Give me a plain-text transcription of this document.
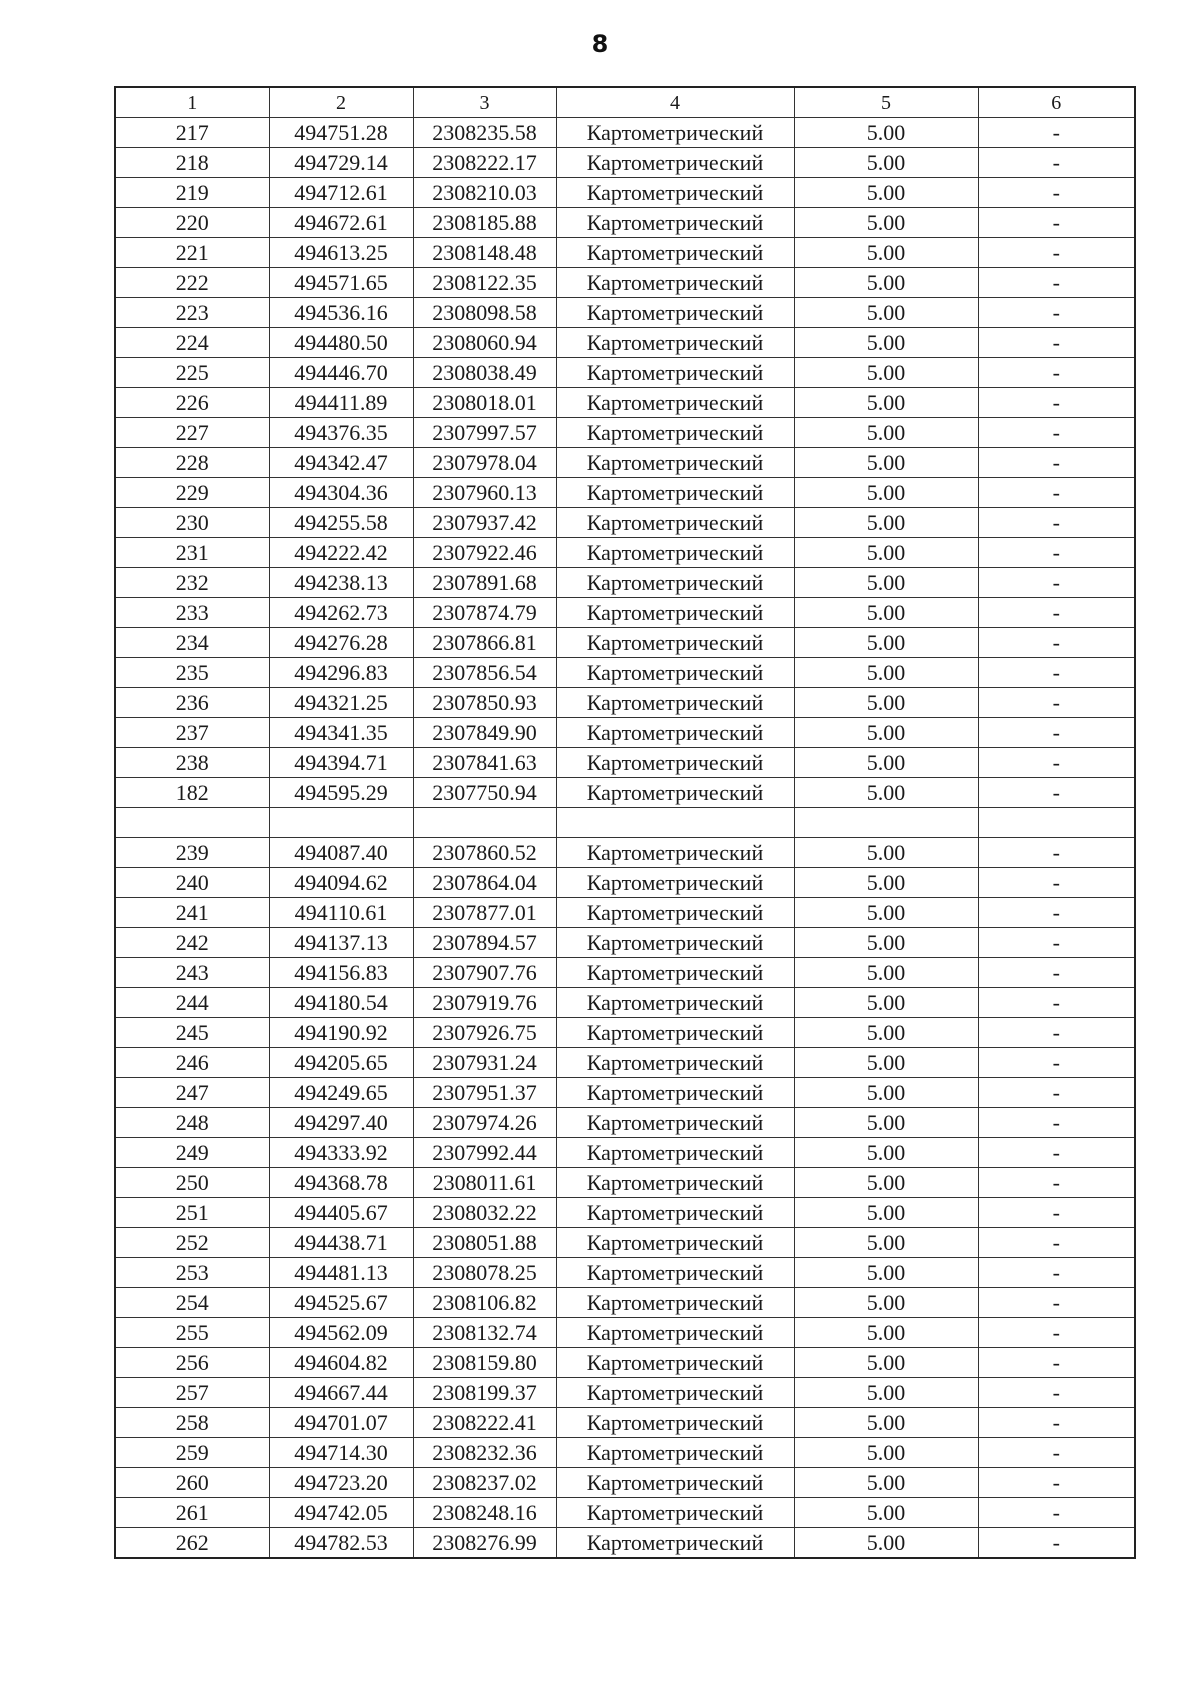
8
1	2	3	4	5	6
217	494751.28	2308235.58	Картометрический	5.00	-
218	494729.14	2308222.17	Картометрический	5.00	-
219	494712.61	2308210.03	Картометрический	5.00	-
220	494672.61	2308185.88	Картометрический	5.00	-
221	494613.25	2308148.48	Картометрический	5.00	-
222	494571.65	2308122.35	Картометрический	5.00	-
223	494536.16	2308098.58	Картометрический	5.00	-
224	494480.50	2308060.94	Картометрический	5.00	-
225	494446.70	2308038.49	Картометрический	5.00	-
226	494411.89	2308018.01	Картометрический	5.00	-
227	494376.35	2307997.57	Картометрический	5.00	-
228	494342.47	2307978.04	Картометрический	5.00	-
229	494304.36	2307960.13	Картометрический	5.00	-
230	494255.58	2307937.42	Картометрический	5.00	-
231	494222.42	2307922.46	Картометрический	5.00	-
232	494238.13	2307891.68	Картометрический	5.00	-
233	494262.73	2307874.79	Картометрический	5.00	-
234	494276.28	2307866.81	Картометрический	5.00	-
235	494296.83	2307856.54	Картометрический	5.00	-
236	494321.25	2307850.93	Картометрический	5.00	-
237	494341.35	2307849.90	Картометрический	5.00	-
238	494394.71	2307841.63	Картометрический	5.00	-
182	494595.29	2307750.94	Картометрический	5.00	-

239	494087.40	2307860.52	Картометрический	5.00	-
240	494094.62	2307864.04	Картометрический	5.00	-
241	494110.61	2307877.01	Картометрический	5.00	-
242	494137.13	2307894.57	Картометрический	5.00	-
243	494156.83	2307907.76	Картометрический	5.00	-
244	494180.54	2307919.76	Картометрический	5.00	-
245	494190.92	2307926.75	Картометрический	5.00	-
246	494205.65	2307931.24	Картометрический	5.00	-
247	494249.65	2307951.37	Картометрический	5.00	-
248	494297.40	2307974.26	Картометрический	5.00	-
249	494333.92	2307992.44	Картометрический	5.00	-
250	494368.78	2308011.61	Картометрический	5.00	-
251	494405.67	2308032.22	Картометрический	5.00	-
252	494438.71	2308051.88	Картометрический	5.00	-
253	494481.13	2308078.25	Картометрический	5.00	-
254	494525.67	2308106.82	Картометрический	5.00	-
255	494562.09	2308132.74	Картометрический	5.00	-
256	494604.82	2308159.80	Картометрический	5.00	-
257	494667.44	2308199.37	Картометрический	5.00	-
258	494701.07	2308222.41	Картометрический	5.00	-
259	494714.30	2308232.36	Картометрический	5.00	-
260	494723.20	2308237.02	Картометрический	5.00	-
261	494742.05	2308248.16	Картометрический	5.00	-
262	494782.53	2308276.99	Картометрический	5.00	-
